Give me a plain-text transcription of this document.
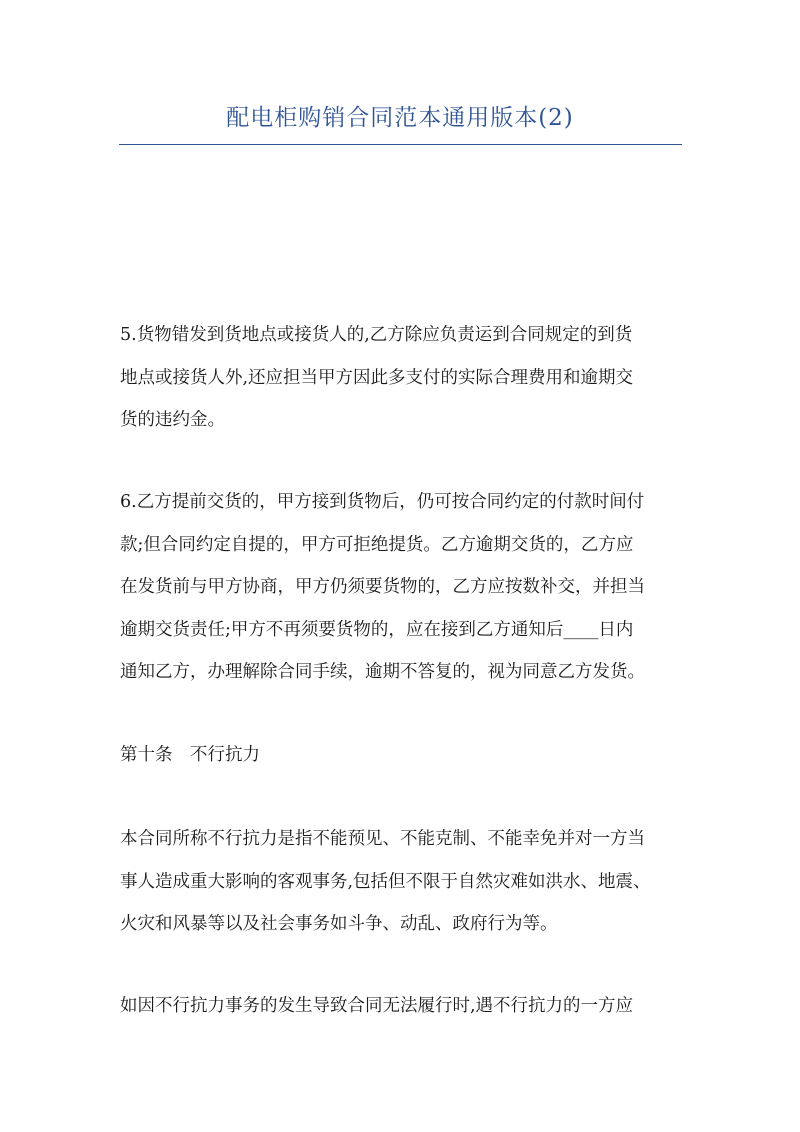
配电柜购销合同范本通用版本(2)

5.货物错发到货地点或接货人的,乙方除应负责运到合同规定的到货
地点或接货人外,还应担当甲方因此多支付的实际合理费用和逾期交
货的违约金。

6.乙方提前交货的，甲方接到货物后，仍可按合同约定的付款时间付
款;但合同约定自提的，甲方可拒绝提货。乙方逾期交货的，乙方应
在发货前与甲方协商，甲方仍须要货物的，乙方应按数补交，并担当
逾期交货责任;甲方不再须要货物的，应在接到乙方通知后____日内
通知乙方，办理解除合同手续，逾期不答复的，视为同意乙方发货。

第十条　不行抗力

本合同所称不行抗力是指不能预见、不能克制、不能幸免并对一方当
事人造成重大影响的客观事务,包括但不限于自然灾难如洪水、地震、
火灾和风暴等以及社会事务如斗争、动乱、政府行为等。

如因不行抗力事务的发生导致合同无法履行时,遇不行抗力的一方应
